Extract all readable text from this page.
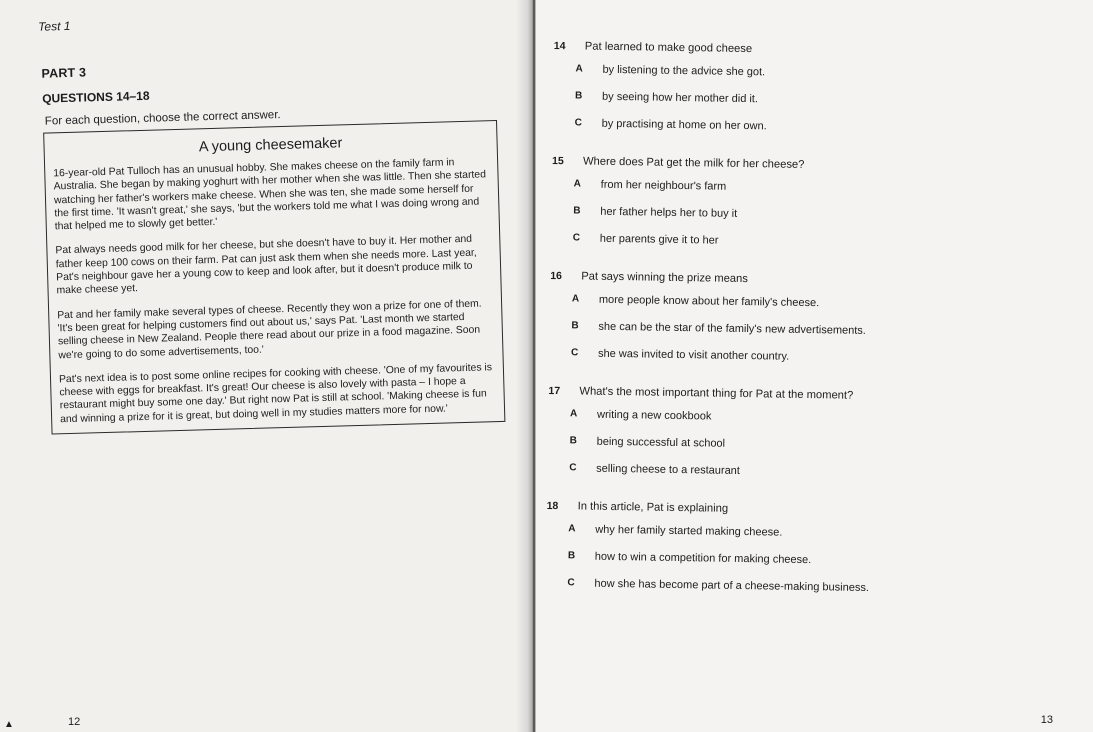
Test 1
PART 3
QUESTIONS 14–18
For each question, choose the correct answer.
A young cheesemaker

16-year-old Pat Tulloch has an unusual hobby. She makes cheese on the family farm in Australia. She began by making yoghurt with her mother when she was little. Then she started watching her father's workers make cheese. When she was ten, she made some herself for the first time. 'It wasn't great,' she says, 'but the workers told me what I was doing wrong and that helped me to slowly get better.'

Pat always needs good milk for her cheese, but she doesn't have to buy it. Her mother and father keep 100 cows on their farm. Pat can just ask them when she needs more. Last year, Pat's neighbour gave her a young cow to keep and look after, but it doesn't produce milk to make cheese yet.

Pat and her family make several types of cheese. Recently they won a prize for one of them. 'It's been great for helping customers find out about us,' says Pat. 'Last month we started selling cheese in New Zealand. People there read about our prize in a food magazine. Soon we're going to do some advertisements, too.'

Pat's next idea is to post some online recipes for cooking with cheese. 'One of my favourites is cheese with eggs for breakfast. It's great! Our cheese is also lovely with pasta – I hope a restaurant might buy some one day.' But right now Pat is still at school. 'Making cheese is fun and winning a prize for it is great, but doing well in my studies matters more for now.'

12
▲
14	Pat learned to make good cheese
A	by listening to the advice she got.
B	by seeing how her mother did it.
C	by practising at home on her own.
15	Where does Pat get the milk for her cheese?
A	from her neighbour's farm
B	her father helps her to buy it
C	her parents give it to her
16	Pat says winning the prize means
A	more people know about her family's cheese.
B	she can be the star of the family's new advertisements.
C	she was invited to visit another country.
17	What's the most important thing for Pat at the moment?
A	writing a new cookbook
B	being successful at school
C	selling cheese to a restaurant
18	In this article, Pat is explaining
A	why her family started making cheese.
B	how to win a competition for making cheese.
C	how she has become part of a cheese-making business.
13
